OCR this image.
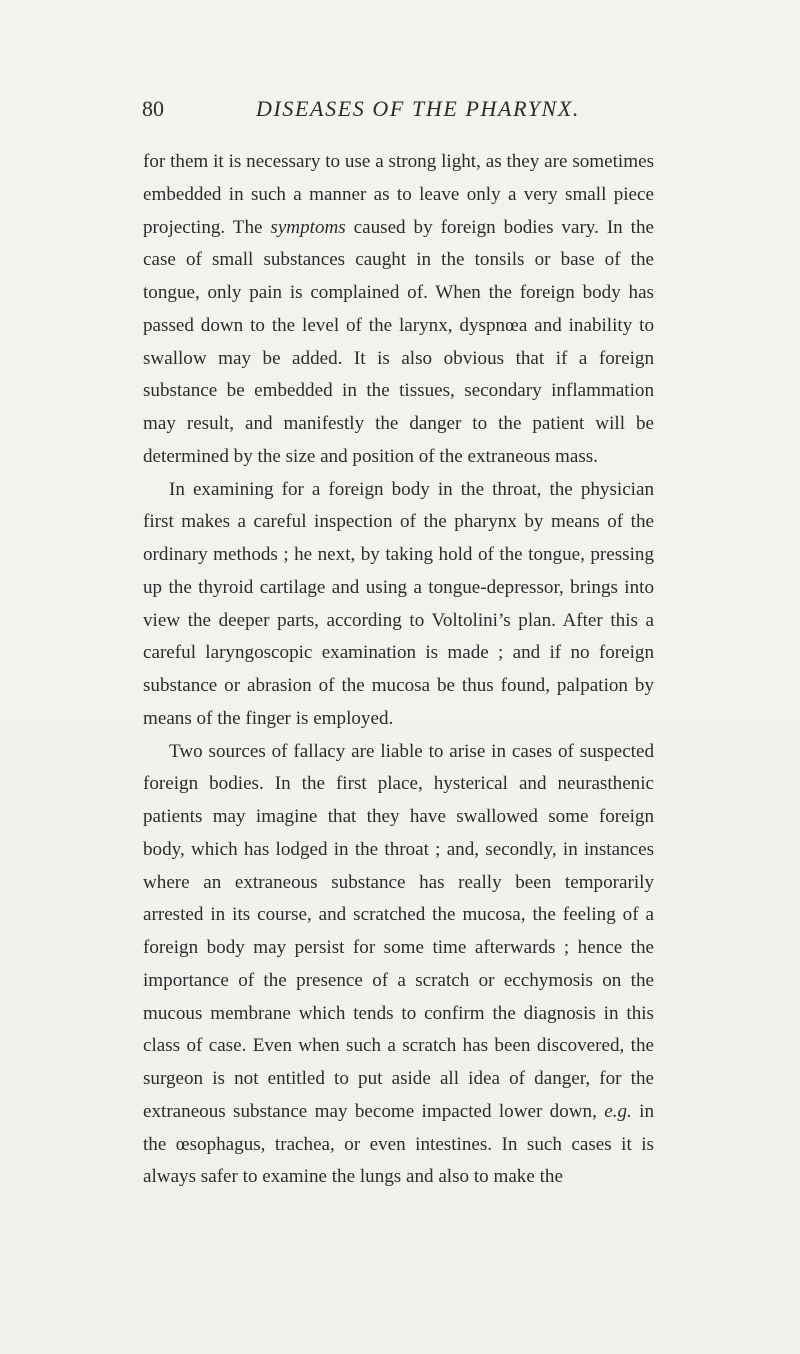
80	DISEASES OF THE PHARYNX.

for them it is necessary to use a strong light, as they are sometimes embedded in such a manner as to leave only a very small piece projecting. The symptoms caused by foreign bodies vary. In the case of small substances caught in the tonsils or base of the tongue, only pain is complained of. When the foreign body has passed down to the level of the larynx, dyspnœa and inability to swallow may be added. It is also obvious that if a foreign substance be embedded in the tissues, secondary inflammation may result, and manifestly the danger to the patient will be determined by the size and position of the extraneous mass.

In examining for a foreign body in the throat, the physician first makes a careful inspection of the pharynx by means of the ordinary methods ; he next, by taking hold of the tongue, pressing up the thyroid cartilage and using a tongue-depressor, brings into view the deeper parts, according to Voltolini’s plan. After this a careful laryngoscopic examination is made ; and if no foreign substance or abrasion of the mucosa be thus found, palpation by means of the finger is employed.

Two sources of fallacy are liable to arise in cases of suspected foreign bodies. In the first place, hysterical and neurasthenic patients may imagine that they have swallowed some foreign body, which has lodged in the throat ; and, secondly, in instances where an extraneous substance has really been temporarily arrested in its course, and scratched the mucosa, the feeling of a foreign body may persist for some time afterwards ; hence the importance of the presence of a scratch or ecchymosis on the mucous membrane which tends to confirm the diagnosis in this class of case. Even when such a scratch has been discovered, the surgeon is not entitled to put aside all idea of danger, for the extraneous substance may become impacted lower down, e.g. in the œsophagus, trachea, or even intestines. In such cases it is always safer to examine the lungs and also to make the
